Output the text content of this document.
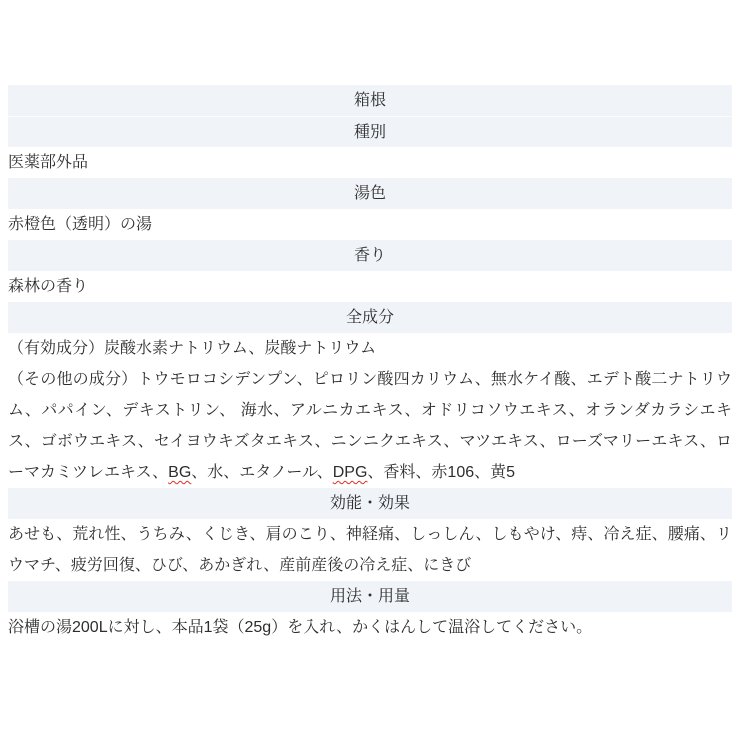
箱根
種別
医薬部外品
湯色
赤橙色（透明）の湯
香り
森林の香り
全成分

（有効成分）炭酸水素ナトリウム、炭酸ナトリウム

（その他の成分）トウモロコシデンプン、ピロリン酸四カリウム、無水ケイ酸、エデト酸二ナトリウム、パパイン、デキストリン、 海水、アルニカエキス、オドリコソウエキス、オランダカラシエキス、ゴボウエキス、セイヨウキズタエキス、ニンニクエキス、マツエキス、ローズマリーエキス、ローマカミツレエキス、BG、水、エタノール、DPG、香料、赤106、黄5

効能・効果
あせも、荒れ性、うちみ、くじき、肩のこり、神経痛、しっしん、しもやけ、痔、冷え症、腰痛、リウマチ、疲労回復、ひび、あかぎれ、産前産後の冷え症、にきび
用法・用量
浴槽の湯200Lに対し、本品1袋（25g）を入れ、かくはんして温浴してください。
